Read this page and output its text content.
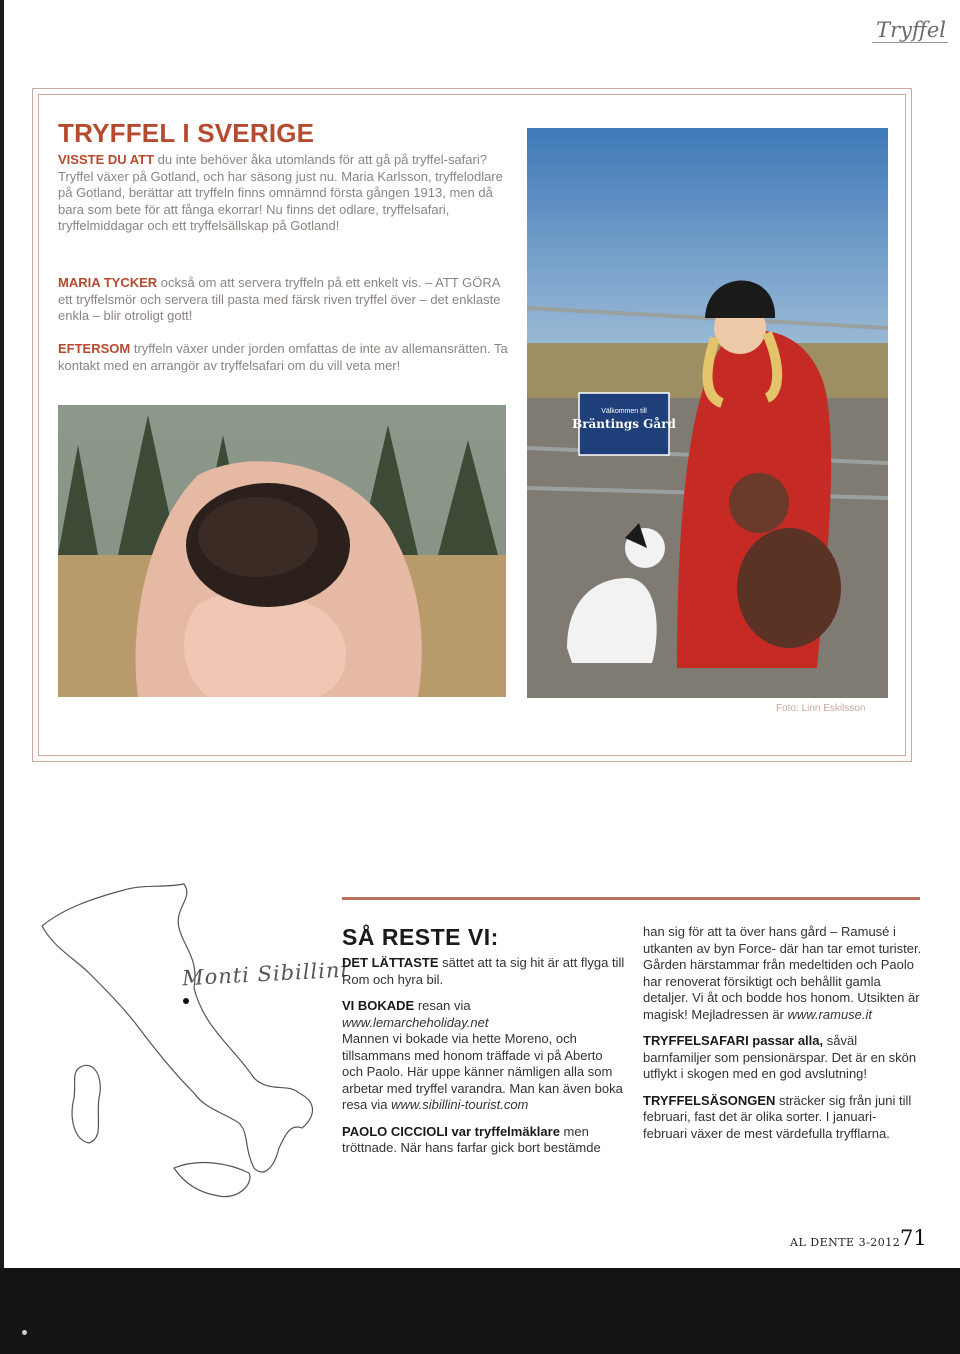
Tryffel
TRYFFEL I SVERIGE
VISSTE DU ATT du inte behöver åka utomlands för att gå på tryffel-safari? Tryffel växer på Gotland, och har säsong just nu. Maria Karlsson, tryffelodlare på Gotland, berättar att tryffeln finns omnämnd första gången 1913, men då bara som bete för att fånga ekorrar! Nu finns det odlare, tryffelsafari, tryffelmiddagar och ett tryffelsällskap på Gotland!
MARIA TYCKER också om att servera tryffeln på ett enkelt vis. – ATT GÖRA ett tryffelsmör och servera till pasta med färsk riven tryffel över – det enklaste enkla – blir otroligt gott!
EFTERSOM tryffeln växer under jorden omfattas de inte av allemansrätten. Ta kontakt med en arrangör av tryffelsafari om du vill veta mer!
Välkommen till
Bräntings Gård
Foto: Linn Eskilsson
Monti Sibillini
SÅ RESTE VI:

DET LÄTTASTE sättet att ta sig hit är att flyga till Rom och hyra bil.

VI BOKADE resan via
www.lemarcheholiday.net
Mannen vi bokade via hette Moreno, och tillsammans med honom träffade vi på Aberto och Paolo. Här uppe känner nämligen alla som arbetar med tryffel varandra. Man kan även boka resa via www.sibillini-tourist.com

PAOLO CICCIOLI var tryffelmäklare men tröttnade. När hans farfar gick bort bestämde

han sig för att ta över hans gård – Ramusé i utkanten av byn Force- där han tar emot turister. Gården härstammar från medeltiden och Paolo har renoverat försiktigt och behållit gamla detaljer. Vi åt och bodde hos honom. Utsikten är magisk! Mejladressen är www.ramuse.it

TRYFFELSAFARI passar alla, såväl barnfamiljer som pensionärspar. Det är en skön utflykt i skogen med en god avslutning!

TRYFFELSÄSONGEN sträcker sig från juni till februari, fast det är olika sorter. I januari- februari växer de mest värdefulla tryfflarna.

AL DENTE 3-2012 71
